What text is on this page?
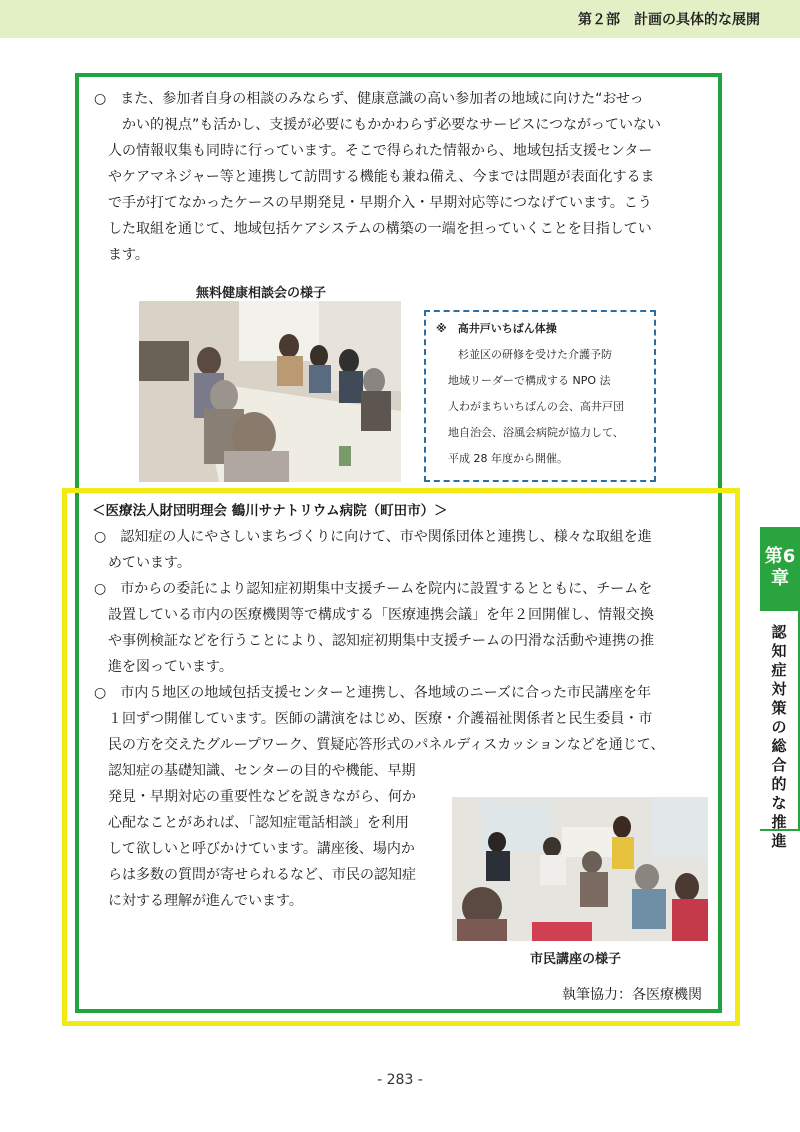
第２部　計画の具体的な展開
○　また、参加者自身の相談のみならず、健康意識の高い参加者の地域に向けた“おせっ
かい的視点”も活かし、支援が必要にもかかわらず必要なサービスにつながっていない
人の情報収集も同時に行っています。そこで得られた情報から、地域包括支援センター
やケアマネジャー等と連携して訪問する機能も兼ね備え、今までは問題が表面化するま
で手が打てなかったケースの早期発見・早期介入・早期対応等につなげています。こう
した取組を通じて、地域包括ケアシステムの構築の一端を担っていくことを目指してい
ます。
無料健康相談会の様子
※　高井戸いちばん体操
杉並区の研修を受けた介護予防
地域リーダーで構成する NPO 法
人わがまちいちばんの会、高井戸団
地自治会、浴風会病院が協力して、
平成 28 年度から開催。
＜医療法人財団明理会 鶴川サナトリウム病院（町田市）＞
○　認知症の人にやさしいまちづくりに向けて、市や関係団体と連携し、様々な取組を進
めています。
○　市からの委託により認知症初期集中支援チームを院内に設置するとともに、チームを
設置している市内の医療機関等で構成する「医療連携会議」を年２回開催し、情報交換
や事例検証などを行うことにより、認知症初期集中支援チームの円滑な活動や連携の推
進を図っています。
○　市内５地区の地域包括支援センターと連携し、各地域のニーズに合った市民講座を年
１回ずつ開催しています。医師の講演をはじめ、医療・介護福祉関係者と民生委員・市
民の方を交えたグループワーク、質疑応答形式のパネルディスカッションなどを通じて、
認知症の基礎知識、センターの目的や機能、早期
発見・早期対応の重要性などを説きながら、何か
心配なことがあれば、「認知症電話相談」を利用
して欲しいと呼びかけています。講座後、場内か
らは多数の質問が寄せられるなど、市民の認知症
に対する理解が進んでいます。
市民講座の様子
執筆協力：各医療機関
第6
章
認
知
症
対
策
の
総
合
的
な
推
進
- 283 -
